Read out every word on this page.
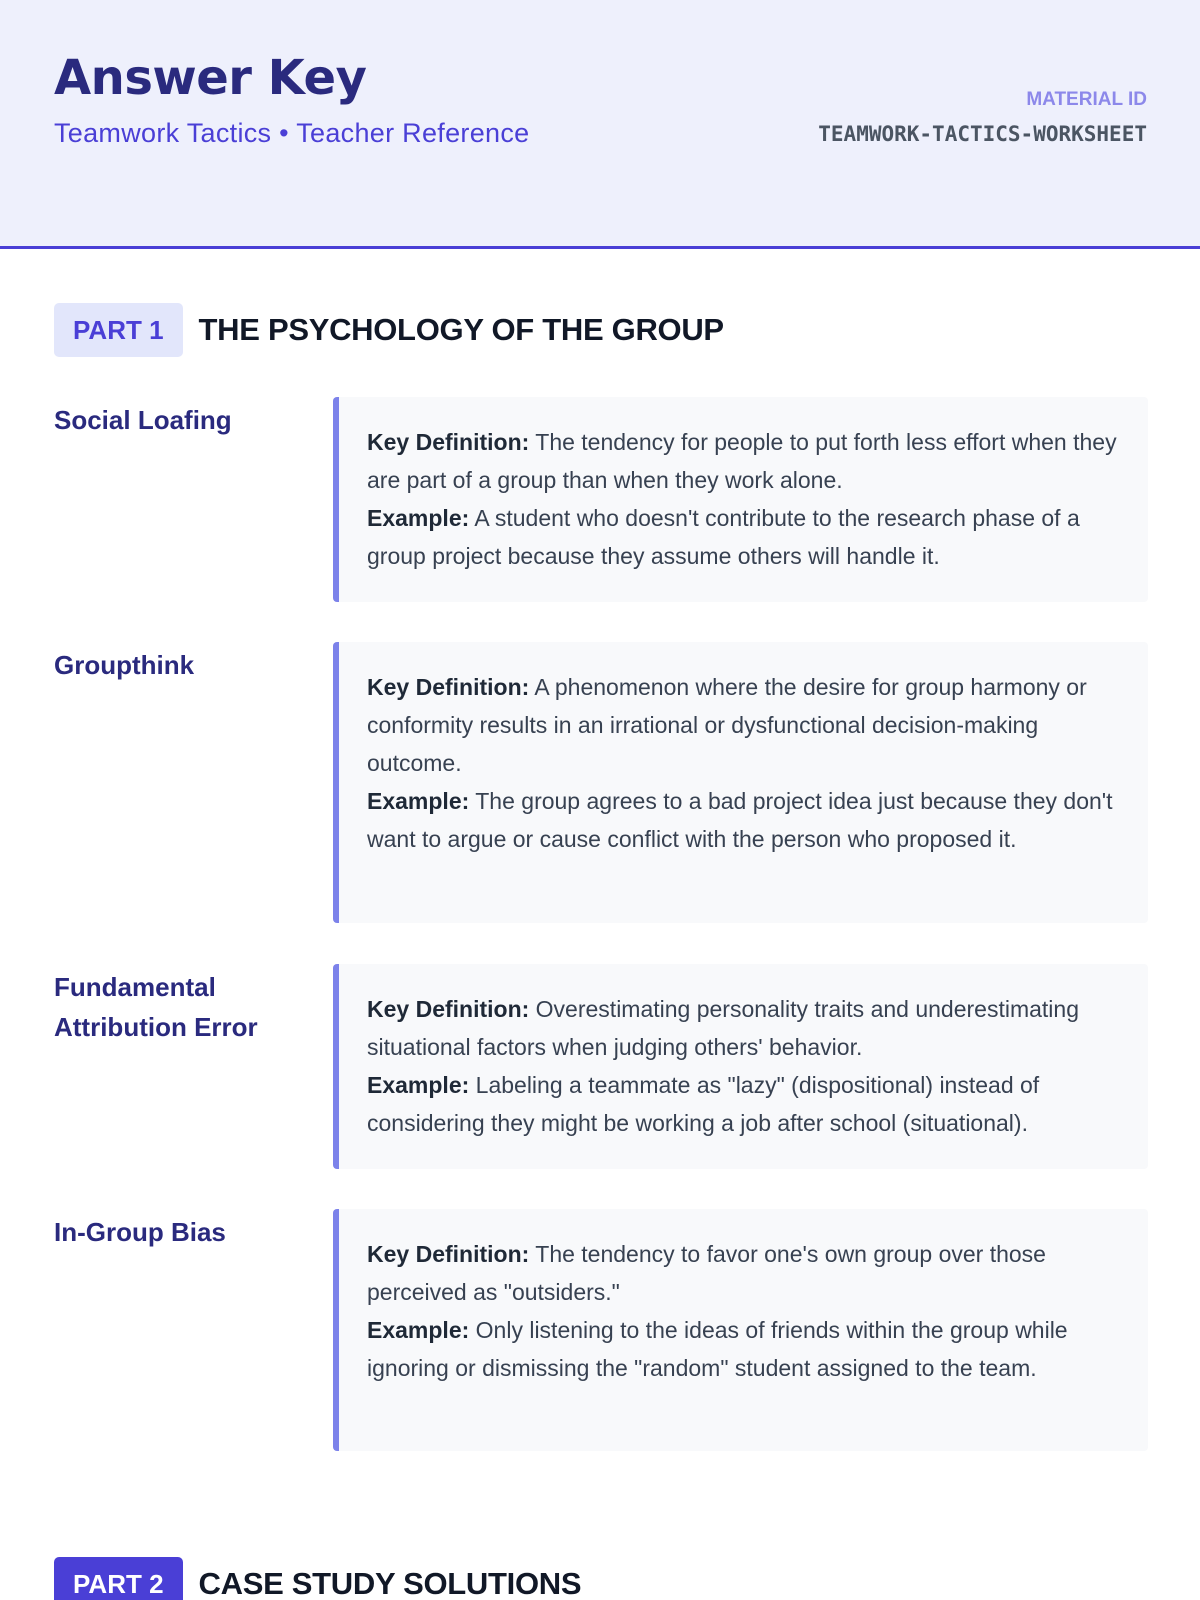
Answer Key
Teamwork Tactics • Teacher Reference
MATERIAL ID
TEAMWORK-TACTICS-WORKSHEET
PART 1	THE PSYCHOLOGY OF THE GROUP
Social Loafing

Key Definition: The tendency for people to put forth less effort when they are part of a group than when they work alone.

Example: A student who doesn't contribute to the research phase of a group project because they assume others will handle it.

Groupthink

Key Definition: A phenomenon where the desire for group harmony or conformity results in an irrational or dysfunctional decision-making outcome.

Example: The group agrees to a bad project idea just because they don't want to argue or cause conflict with the person who proposed it.

Fundamental Attribution Error

Key Definition: Overestimating personality traits and underestimating situational factors when judging others' behavior.

Example: Labeling a teammate as "lazy" (dispositional) instead of considering they might be working a job after school (situational).

In-Group Bias

Key Definition: The tendency to favor one's own group over those perceived as "outsiders."

Example: Only listening to the ideas of friends within the group while ignoring or dismissing the "random" student assigned to the team.

PART 2	CASE STUDY SOLUTIONS
